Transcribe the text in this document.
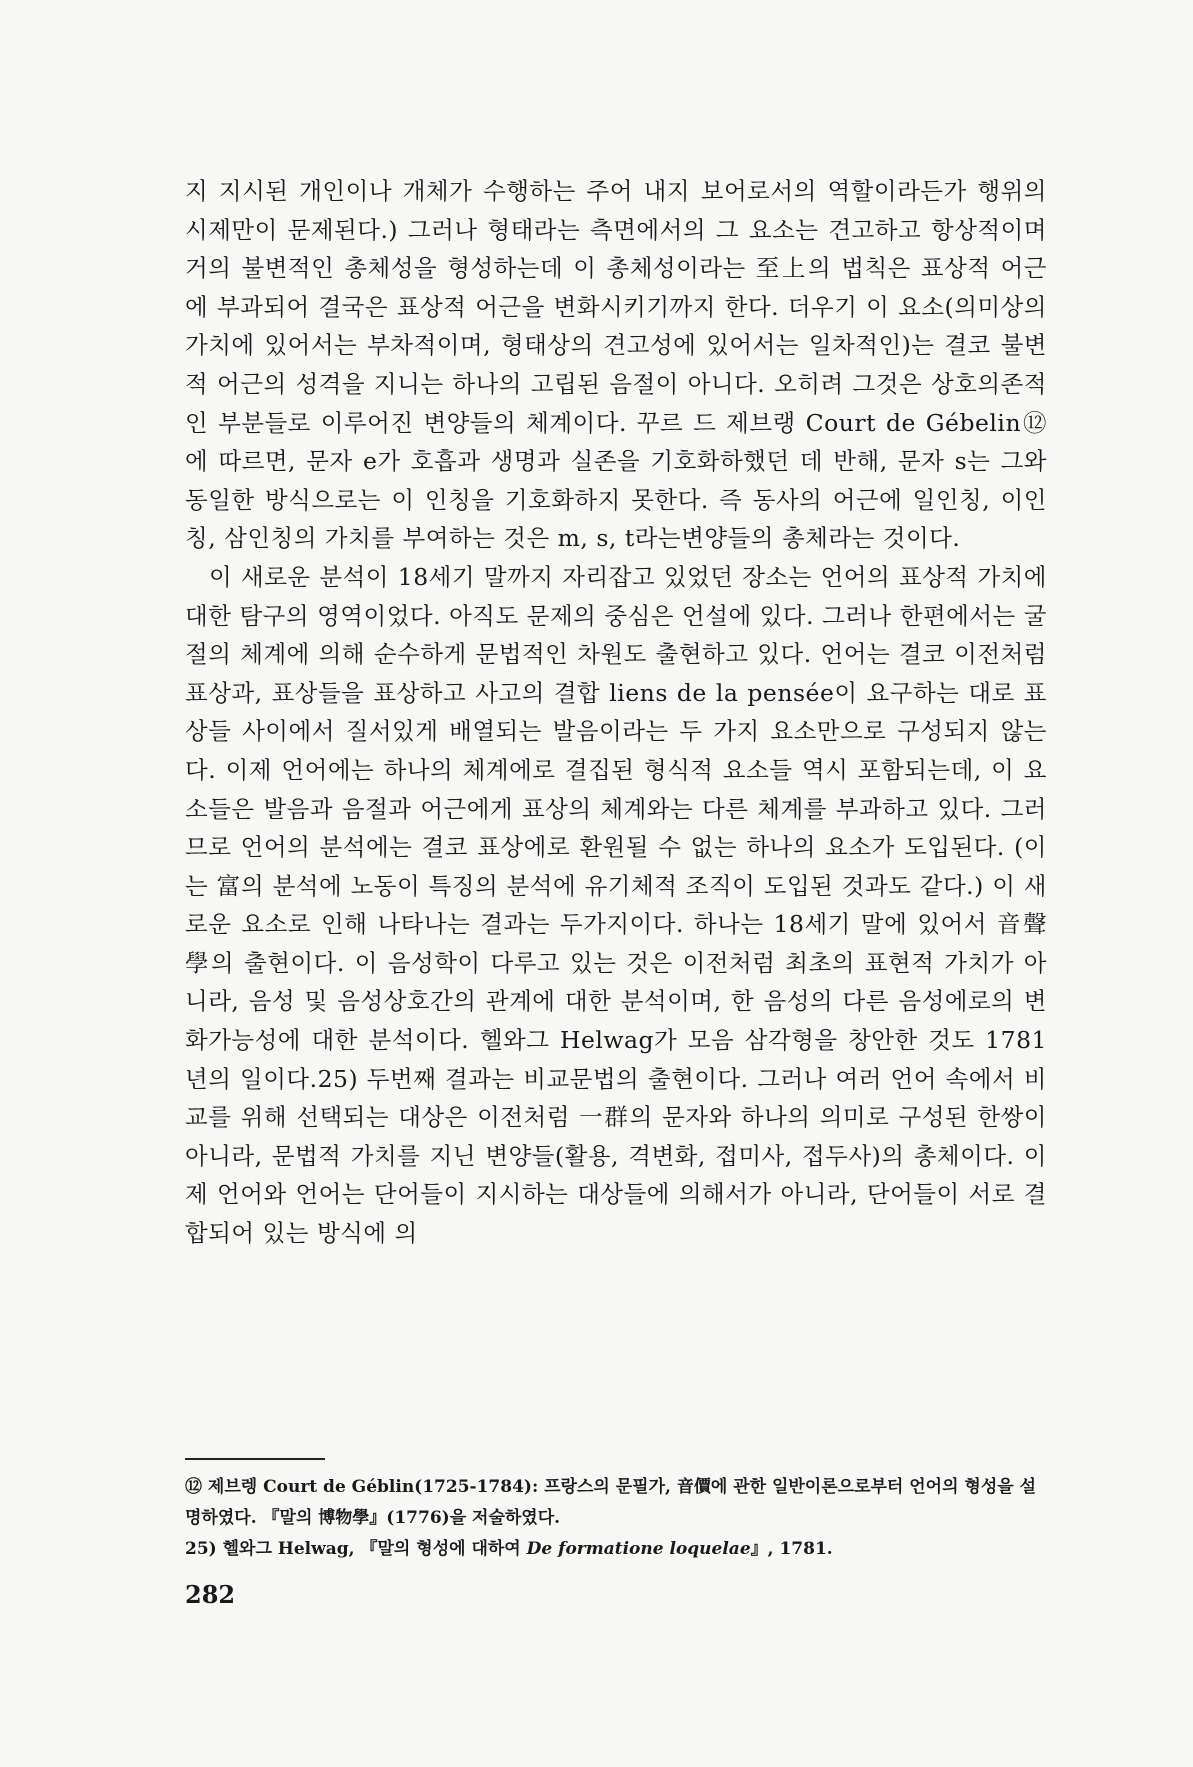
지 지시된 개인이나 개체가 수행하는 주어 내지 보어로서의 역할이라든가 행위의 시제만이 문제된다.) 그러나 형태라는 측면에서의 그 요소는 견고하고 항상적이며 거의 불변적인 총체성을 형성하는데 이 총체성이라는 至上의 법칙은 표상적 어근에 부과되어 결국은 표상적 어근을 변화시키기까지 한다. 더우기 이 요소(의미상의 가치에 있어서는 부차적이며, 형태상의 견고성에 있어서는 일차적인)는 결코 불변적 어근의 성격을 지니는 하나의 고립된 음절이 아니다. 오히려 그것은 상호의존적인 부분들로 이루어진 변양들의 체계이다. 꾸르 드 제브랭 Court de Gébelin⑫에 따르면, 문자 e가 호흡과 생명과 실존을 기호화하했던 데 반해, 문자 s는 그와 동일한 방식으로는 이 인칭을 기호화하지 못한다. 즉 동사의 어근에 일인칭, 이인칭, 삼인칭의 가치를 부여하는 것은 m, s, t라는변양들의 총체라는 것이다.

이 새로운 분석이 18세기 말까지 자리잡고 있었던 장소는 언어의 표상적 가치에 대한 탐구의 영역이었다. 아직도 문제의 중심은 언설에 있다. 그러나 한편에서는 굴절의 체계에 의해 순수하게 문법적인 차원도 출현하고 있다. 언어는 결코 이전처럼 표상과, 표상들을 표상하고 사고의 결합 liens de la pensée이 요구하는 대로 표상들 사이에서 질서있게 배열되는 발음이라는 두 가지 요소만으로 구성되지 않는다. 이제 언어에는 하나의 체계에로 결집된 형식적 요소들 역시 포함되는데, 이 요소들은 발음과 음절과 어근에게 표상의 체계와는 다른 체계를 부과하고 있다. 그러므로 언어의 분석에는 결코 표상에로 환원될 수 없는 하나의 요소가 도입된다. (이는 富의 분석에 노동이 특징의 분석에 유기체적 조직이 도입된 것과도 같다.) 이 새로운 요소로 인해 나타나는 결과는 두가지이다. 하나는 18세기 말에 있어서 音聲學의 출현이다. 이 음성학이 다루고 있는 것은 이전처럼 최초의 표현적 가치가 아니라, 음성 및 음성상호간의 관계에 대한 분석이며, 한 음성의 다른 음성에로의 변화가능성에 대한 분석이다. 헬와그 Helwag가 모음 삼각형을 창안한 것도 1781년의 일이다.25) 두번째 결과는 비교문법의 출현이다. 그러나 여러 언어 속에서 비교를 위해 선택되는 대상은 이전처럼 一群의 문자와 하나의 의미로 구성된 한쌍이 아니라, 문법적 가치를 지닌 변양들(활용, 격변화, 접미사, 접두사)의 총체이다. 이제 언어와 언어는 단어들이 지시하는 대상들에 의해서가 아니라, 단어들이 서로 결합되어 있는 방식에 의

⑫ 제브렝 Court de Géblin(1725-1784): 프랑스의 문필가, 音價에 관한 일반이론으로부터 언어의 형성을 설명하였다. 『말의 博物學』(1776)을 저술하였다.

25) 헬와그 Helwag, 『말의 형성에 대하여 De formatione loquelae』, 1781.

282
